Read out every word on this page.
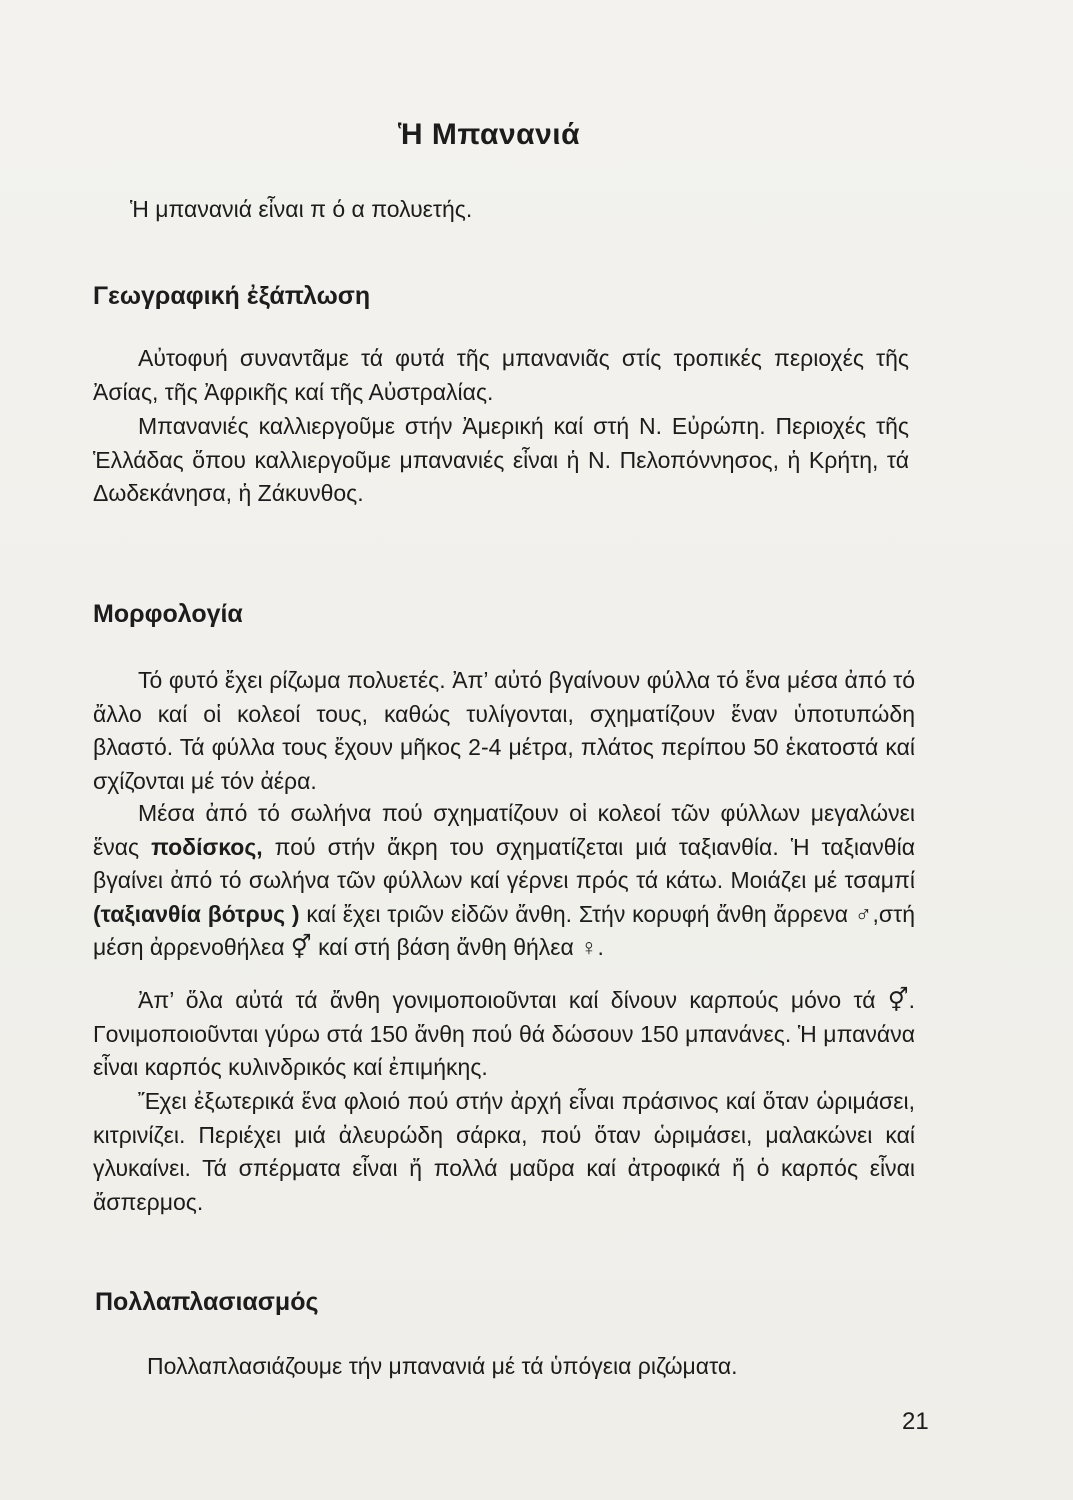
Ἡ Μπανανιά

Ἡ μπανανιά εἶναι π ό α πολυετής.

Γεωγραφική ἐξάπλωση

Αὐτοφυή συναντᾶμε τά φυτά τῆς μπανανιᾶς στίς τροπικές περιοχές τῆς Ἀσίας, τῆς Ἀφρικῆς καί τῆς Αὐστραλίας.

Μπανανιές καλλιεργοῦμε στήν Ἀμερική καί στή Ν. Εὐρώπη. Περιοχές τῆς Ἑλλάδας ὅπου καλλιεργοῦμε μπανανιές εἶναι ἡ Ν. Πελοπόννησος, ἡ Κρήτη, τά Δωδεκάνησα, ἡ Ζάκυνθος.

Μορφολογία

Τό φυτό ἔχει ρίζωμα πολυετές. Ἀπ’ αὐτό βγαίνουν φύλλα τό ἕνα μέσα ἀπό τό ἄλλο καί οἱ κολεοί τους, καθώς τυλίγονται, σχηματίζουν ἕναν ὑποτυπώδη βλαστό. Τά φύλλα τους ἔχουν μῆκος 2-4 μέτρα, πλάτος περίπου 50 ἑκατοστά καί σχίζονται μέ τόν ἀέρα.

Μέσα ἀπό τό σωλήνα πού σχηματίζουν οἱ κολεοί τῶν φύλλων μεγαλώνει ἕνας ποδίσκος, πού στήν ἄκρη του σχηματίζεται μιά ταξιανθία. Ἡ ταξιανθία βγαίνει ἀπό τό σωλήνα τῶν φύλλων καί γέρνει πρός τά κάτω. Μοιάζει μέ τσαμπί (ταξιανθία βότρυς ) καί ἔχει τριῶν εἰδῶν ἄνθη. Στήν κορυφή ἄνθη ἄρρενα ♂,στή μέση ἀρρενοθήλεα ⚥ καί στή βάση ἄνθη θήλεα ♀.

Ἀπ’ ὅλα αὐτά τά ἄνθη γονιμοποιοῦνται καί δίνουν καρπούς μόνο τά ⚥. Γονιμοποιοῦνται γύρω στά 150 ἄνθη πού θά δώσουν 150 μπανάνες. Ἡ μπανάνα εἶναι καρπός κυλινδρικός καί ἐπιμήκης.

Ἔχει ἐξωτερικά ἕνα φλοιό πού στήν ἀρχή εἶναι πράσινος καί ὅταν ὡριμάσει, κιτρινίζει. Περιέχει μιά ἀλευρώδη σάρκα, πού ὅταν ὡριμάσει, μαλακώνει καί γλυκαίνει. Τά σπέρματα εἶναι ἤ πολλά μαῦρα καί ἀτροφικά ἤ ὁ καρπός εἶναι ἄσπερμος.

Πολλαπλασιασμός

Πολλαπλασιάζουμε τήν μπανανιά μέ τά ὑπόγεια ριζώματα.

21
